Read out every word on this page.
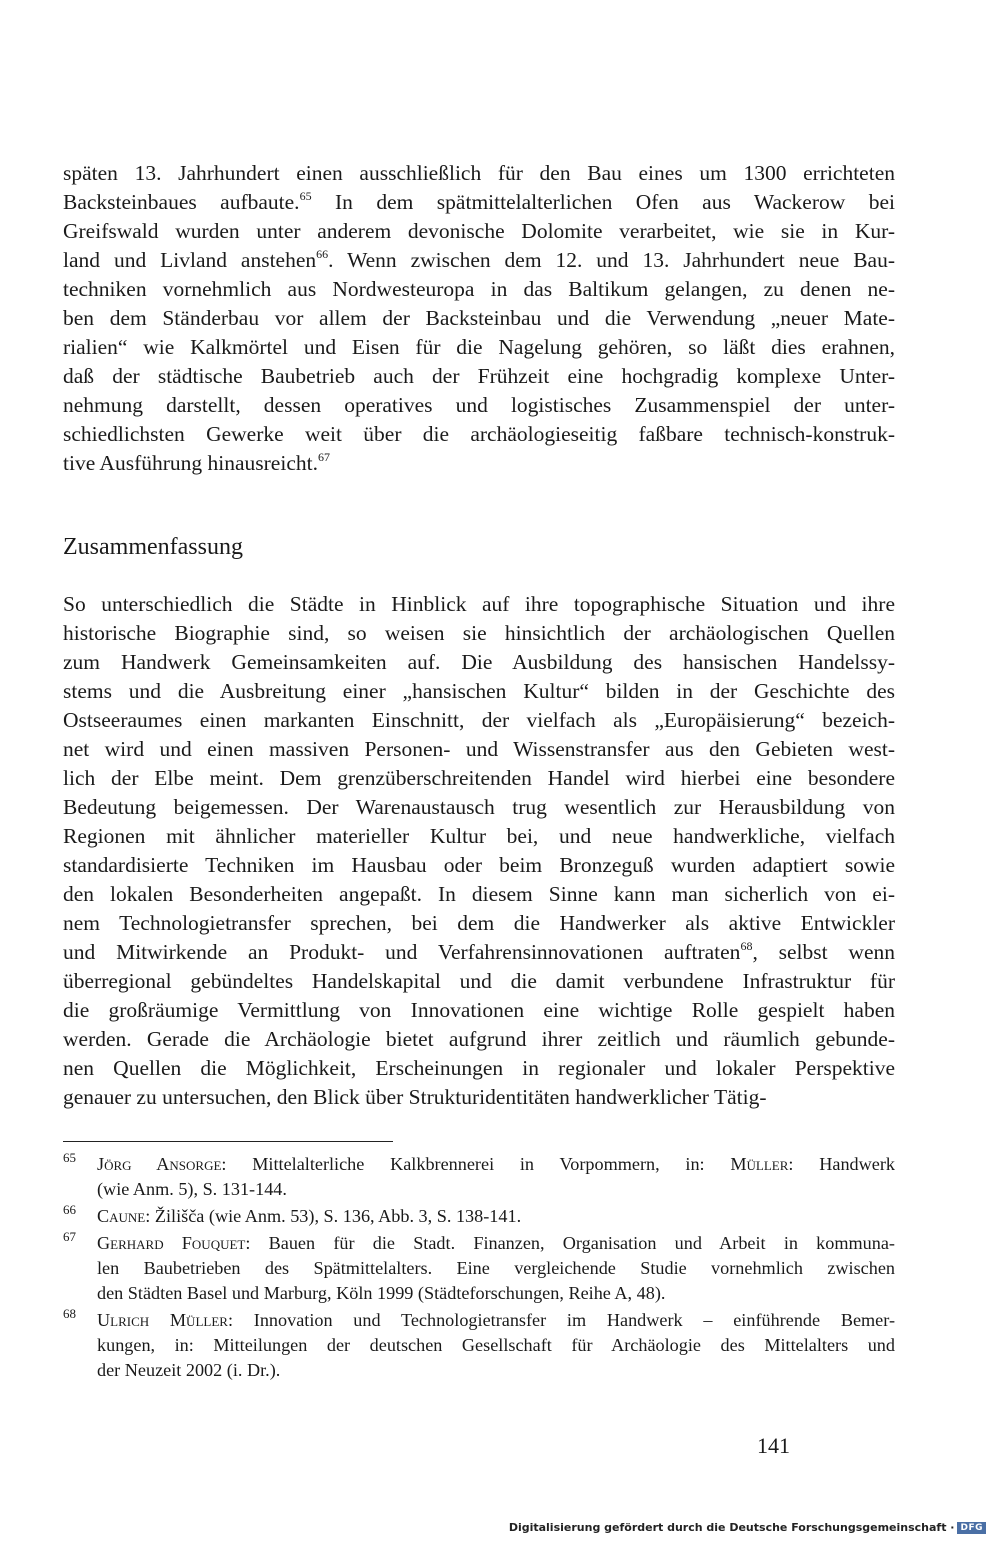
späten 13. Jahrhundert einen ausschließlich für den Bau eines um 1300 errichteten
Backsteinbaues aufbaute.$^{65}$ In dem spätmittelalterlichen Ofen aus Wackerow bei
Greifswald wurden unter anderem devonische Dolomite verarbeitet, wie sie in Kur-
land und Livland anstehen$^{66}$. Wenn zwischen dem 12. und 13. Jahrhundert neue Bau-
techniken vornehmlich aus Nordwesteuropa in das Baltikum gelangen, zu denen ne-
ben dem Ständerbau vor allem der Backsteinbau und die Verwendung „neuer Mate-
rialien“ wie Kalkmörtel und Eisen für die Nagelung gehören, so läßt dies erahnen,
daß der städtische Baubetrieb auch der Frühzeit eine hochgradig komplexe Unter-
nehmung darstellt, dessen operatives und logistisches Zusammenspiel der unter-
schiedlichsten Gewerke weit über die archäologieseitig faßbare technisch-konstruk-
tive Ausführung hinausreicht.$^{67}$
Zusammenfassung
So unterschiedlich die Städte in Hinblick auf ihre topographische Situation und ihre
historische Biographie sind, so weisen sie hinsichtlich der archäologischen Quellen
zum Handwerk Gemeinsamkeiten auf. Die Ausbildung des hansischen Handelssy-
stems und die Ausbreitung einer „hansischen Kultur“ bilden in der Geschichte des
Ostseeraumes einen markanten Einschnitt, der vielfach als „Europäisierung“ bezeich-
net wird und einen massiven Personen- und Wissenstransfer aus den Gebieten west-
lich der Elbe meint. Dem grenzüberschreitenden Handel wird hierbei eine besondere
Bedeutung beigemessen. Der Warenaustausch trug wesentlich zur Herausbildung von
Regionen mit ähnlicher materieller Kultur bei, und neue handwerkliche, vielfach
standardisierte Techniken im Hausbau oder beim Bronzeguß wurden adaptiert sowie
den lokalen Besonderheiten angepaßt. In diesem Sinne kann man sicherlich von ei-
nem Technologietransfer sprechen, bei dem die Handwerker als aktive Entwickler
und Mitwirkende an Produkt- und Verfahrensinnovationen auftraten$^{68}$, selbst wenn
überregional gebündeltes Handelskapital und die damit verbundene Infrastruktur für
die großräumige Vermittlung von Innovationen eine wichtige Rolle gespielt haben
werden. Gerade die Archäologie bietet aufgrund ihrer zeitlich und räumlich gebunde-
nen Quellen die Möglichkeit, Erscheinungen in regionaler und lokaler Perspektive
genauer zu untersuchen, den Blick über Strukturidentitäten handwerklicher Tätig-
65 Jörg Ansorge: Mittelalterliche Kalkbrennerei in Vorpommern, in: Müller: Handwerk
(wie Anm. 5), S. 131-144.
66 Caune: Žilišča (wie Anm. 53), S. 136, Abb. 3, S. 138-141.
67 Gerhard Fouquet: Bauen für die Stadt. Finanzen, Organisation und Arbeit in kommuna-
len Baubetrieben des Spätmittelalters. Eine vergleichende Studie vornehmlich zwischen
den Städten Basel und Marburg, Köln 1999 (Städteforschungen, Reihe A, 48).
68 Ulrich Müller: Innovation und Technologietransfer im Handwerk – einführende Bemer-
kungen, in: Mitteilungen der deutschen Gesellschaft für Archäologie des Mittelalters und
der Neuzeit 2002 (i. Dr.).
141
Digitalisierung gefördert durch die Deutsche Forschungsgemeinschaft · DFG
